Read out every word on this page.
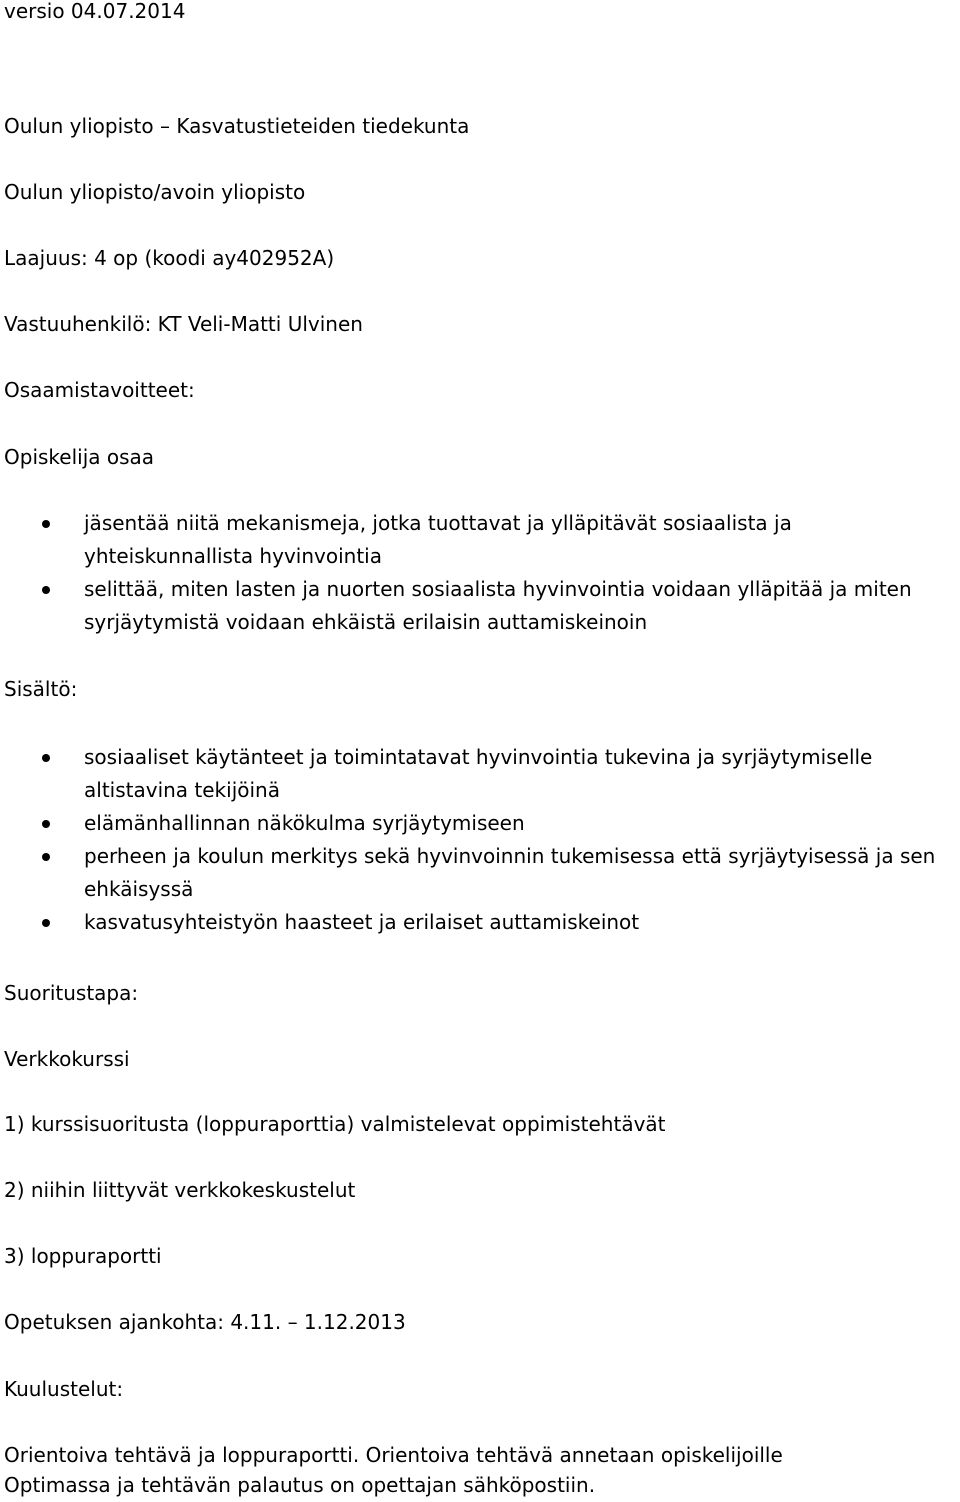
versio 04.07.2014

Oulun yliopisto – Kasvatustieteiden tiedekunta

Oulun yliopisto/avoin yliopisto

Laajuus: 4 op (koodi ay402952A)

Vastuuhenkilö: KT Veli-Matti Ulvinen

Osaamistavoitteet:

Opiskelija osaa

jäsentää niitä mekanismeja, jotka tuottavat ja ylläpitävät sosiaalista ja yhteiskunnallista hyvinvointia
selittää, miten lasten ja nuorten sosiaalista hyvinvointia voidaan ylläpitää ja miten syrjäytymistä voidaan ehkäistä erilaisin auttamiskeinoin

Sisältö:

sosiaaliset käytänteet ja toimintatavat hyvinvointia tukevina ja syrjäytymiselle altistavina tekijöinä
elämänhallinnan näkökulma syrjäytymiseen
perheen ja koulun merkitys sekä hyvinvoinnin tukemisessa että syrjäytyisessä ja sen ehkäisyssä
kasvatusyhteistyön haasteet ja erilaiset auttamiskeinot

Suoritustapa:

Verkkokurssi

1) kurssisuoritusta (loppuraporttia) valmistelevat oppimistehtävät

2) niihin liittyvät verkkokeskustelut

3) loppuraportti

Opetuksen ajankohta: 4.11. – 1.12.2013

Kuulustelut:

Orientoiva tehtävä ja loppuraportti. Orientoiva tehtävä annetaan opiskelijoille

Optimassa ja tehtävän palautus on opettajan sähköpostiin.
